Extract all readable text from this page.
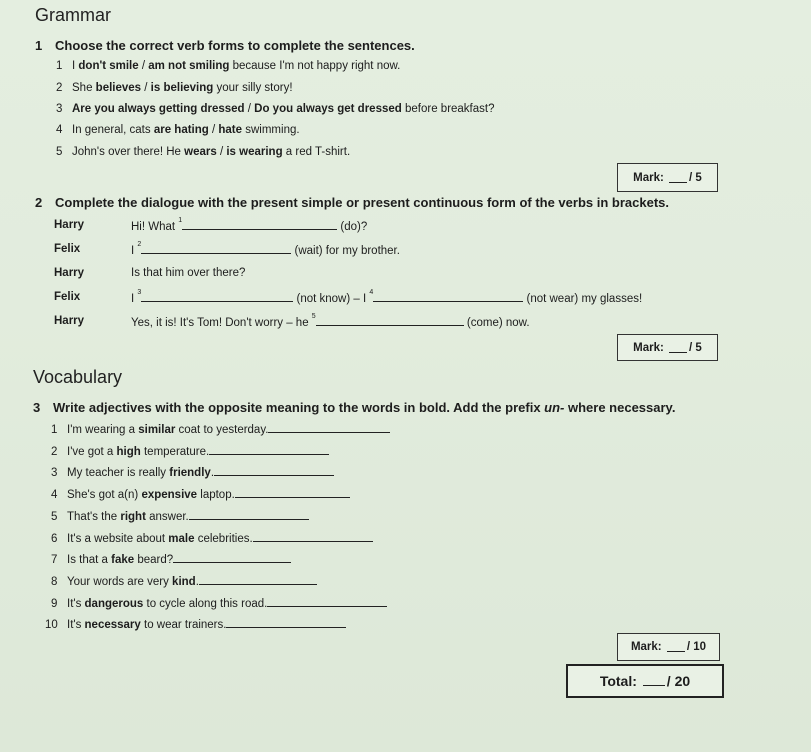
Grammar
1 Choose the correct verb forms to complete the sentences.
1 I don't smile / am not smiling because I'm not happy right now.
2 She believes / is believing your silly story!
3 Are you always getting dressed / Do you always get dressed before breakfast?
4 In general, cats are hating / hate swimming.
5 John's over there! He wears / is wearing a red T-shirt.
Mark:
/ 5
2 Complete the dialogue with the present simple or present continuous form of the verbs in brackets.
Harry	Hi! What $^1$ (do)?
Felix	I $^2$ (wait) for my brother.
Harry	Is that him over there?
Felix	I $^3$ (not know) – I $^4$ (not wear) my glasses!
Harry	Yes, it is! It's Tom! Don't worry – he $^5$ (come) now.
Mark:
/ 5
Vocabulary
3 Write adjectives with the opposite meaning to the words in bold. Add the prefix un- where necessary.
1 I'm wearing a similar coat to yesterday.
2 I've got a high temperature.
3 My teacher is really friendly.
4 She's got a(n) expensive laptop.
5 That's the right answer.
6 It's a website about male celebrities.
7 Is that a fake beard?
8 Your words are very kind.
9 It's dangerous to cycle along this road.
10 It's necessary to wear trainers.
Mark:
/ 10
Total:
/ 20
